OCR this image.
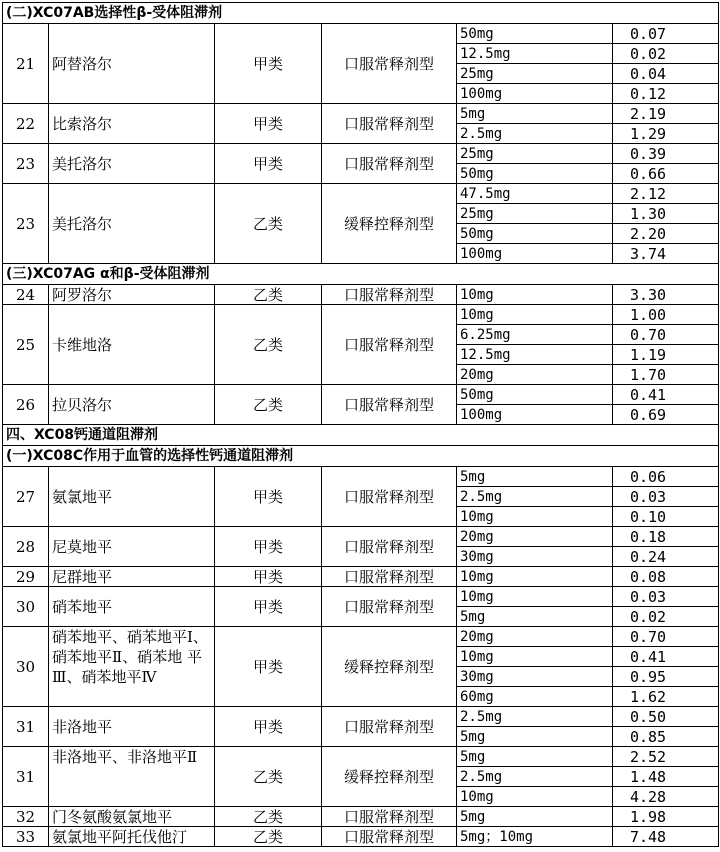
(二)XC07AB选择性β-受体阻滞剂					
21	阿替洛尔	甲类	口服常释剂型	50mg	0.07
				12.5mg	0.02
				25mg	0.04
				100mg	0.12
22	比索洛尔	甲类	口服常释剂型	5mg	2.19
				2.5mg	1.29
23	美托洛尔	甲类	口服常释剂型	25mg	0.39
				50mg	0.66
23	美托洛尔	乙类	缓释控释剂型	47.5mg	2.12
				25mg	1.30
				50mg	2.20
				100mg	3.74
(三)XC07AG α和β-受体阻滞剂					
24	阿罗洛尔	乙类	口服常释剂型	10mg	3.30
25	卡维地洛	乙类	口服常释剂型	10mg	1.00
				6.25mg	0.70
				12.5mg	1.19
				20mg	1.70
26	拉贝洛尔	乙类	口服常释剂型	50mg	0.41
				100mg	0.69
四、XC08钙通道阻滞剂					
(一)XC08C作用于血管的选择性钙通道阻滞剂					
27	氨氯地平	甲类	口服常释剂型	5mg	0.06
				2.5mg	0.03
				10mg	0.10
28	尼莫地平	甲类	口服常释剂型	20mg	0.18
				30mg	0.24
29	尼群地平	甲类	口服常释剂型	10mg	0.08
30	硝苯地平	甲类	口服常释剂型	10mg	0.03
				5mg	0.02
30	硝苯地平、硝苯地平Ⅰ、硝苯地平Ⅱ、硝苯地 平Ⅲ、硝苯地平Ⅳ	甲类	缓释控释剂型	20mg	0.70
				10mg	0.41
				30mg	0.95
				60mg	1.62
31	非洛地平	甲类	口服常释剂型	2.5mg	0.50
				5mg	0.85
31	非洛地平、非洛地平Ⅱ	乙类	缓释控释剂型	5mg	2.52
				2.5mg	1.48
				10mg	4.28
32	门冬氨酸氨氯地平	乙类	口服常释剂型	5mg	1.98
33	氨氯地平阿托伐他汀	乙类	口服常释剂型	5mg；10mg	7.48
